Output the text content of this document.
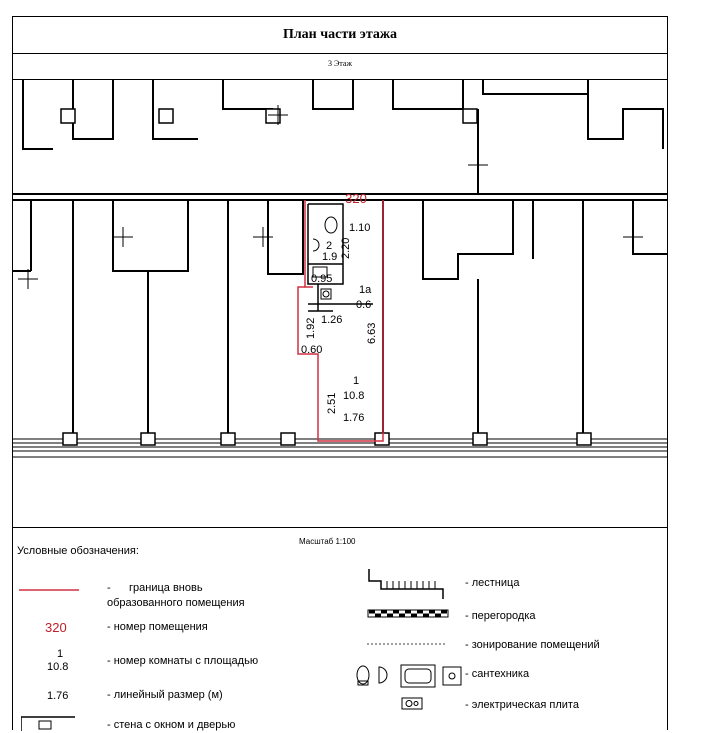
План части этажа
3 Этаж
320
1.10
2
1.9 2.20
0.95
1а
0.6
1.26
1.92
0.60
6.63
1
10.8
2.51
1.76
Масштаб 1:100
Условные обозначения:
-      граница вновь
образованного помещения
320	- номер помещения
1
10.8	- номер комнаты с площадью
1.76	- линейный размер (м)
- стена с окном и дверью
- лестница
- перегородка
- зонирование помещений
- сантехника
- электрическая плита
